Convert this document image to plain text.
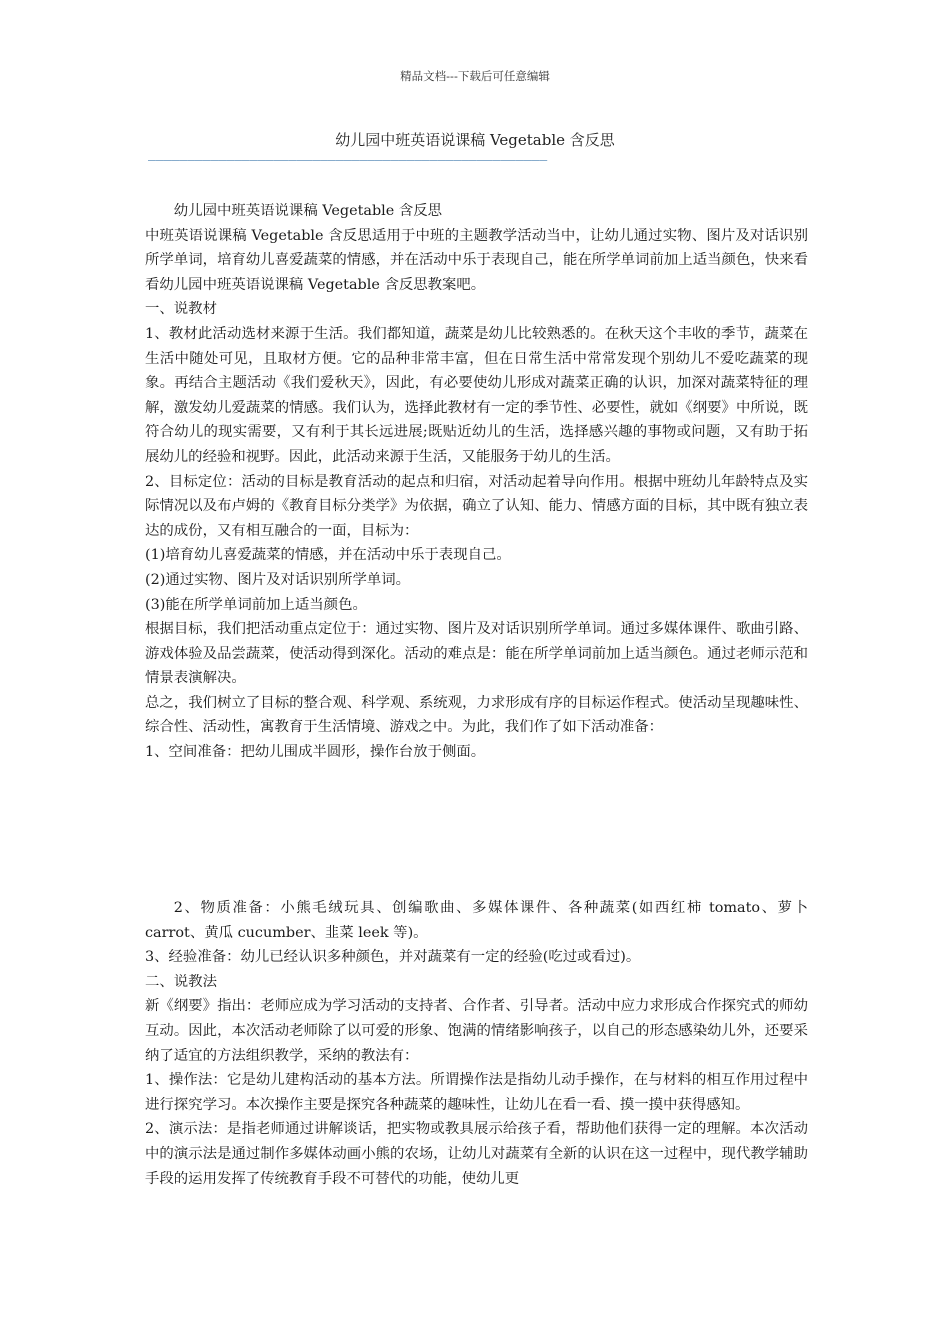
精品文档---下载后可任意编辑
幼儿园中班英语说课稿 Vegetable 含反思
———————————————————————————————————————————————————

幼儿园中班英语说课稿 Vegetable 含反思

中班英语说课稿 Vegetable 含反思适用于中班的主题教学活动当中，让幼儿通过实物、图片及对话识别所学单词，培育幼儿喜爱蔬菜的情感，并在活动中乐于表现自己，能在所学单词前加上适当颜色，快来看看幼儿园中班英语说课稿 Vegetable 含反思教案吧。

一、说教材

1、教材此活动选材来源于生活。我们都知道，蔬菜是幼儿比较熟悉的。在秋天这个丰收的季节，蔬菜在生活中随处可见，且取材方便。它的品种非常丰富，但在日常生活中常常发现个别幼儿不爱吃蔬菜的现象。再结合主题活动《我们爱秋天》，因此，有必要使幼儿形成对蔬菜正确的认识，加深对蔬菜特征的理解，激发幼儿爱蔬菜的情感。我们认为，选择此教材有一定的季节性、必要性，就如《纲要》中所说，既符合幼儿的现实需要，又有利于其长远进展;既贴近幼儿的生活，选择感兴趣的事物或问题，又有助于拓展幼儿的经验和视野。因此，此活动来源于生活，又能服务于幼儿的生活。

2、目标定位：活动的目标是教育活动的起点和归宿，对活动起着导向作用。根据中班幼儿年龄特点及实际情况以及布卢姆的《教育目标分类学》为依据，确立了认知、能力、情感方面的目标，其中既有独立表达的成份，又有相互融合的一面，目标为：

(1)培育幼儿喜爱蔬菜的情感，并在活动中乐于表现自己。

(2)通过实物、图片及对话识别所学单词。

(3)能在所学单词前加上适当颜色。

根据目标，我们把活动重点定位于：通过实物、图片及对话识别所学单词。通过多媒体课件、歌曲引路、游戏体验及品尝蔬菜，使活动得到深化。活动的难点是：能在所学单词前加上适当颜色。通过老师示范和情景表演解决。

总之，我们树立了目标的整合观、科学观、系统观，力求形成有序的目标运作程式。使活动呈现趣味性、综合性、活动性，寓教育于生活情境、游戏之中。为此，我们作了如下活动准备：

1、空间准备：把幼儿围成半圆形，操作台放于侧面。

2、物质准备：小熊毛绒玩具、创编歌曲、多媒体课件、各种蔬菜(如西红柿 tomato、萝卜 carrot、黄瓜 cucumber、韭菜 leek 等)。

3、经验准备：幼儿已经认识多种颜色，并对蔬菜有一定的经验(吃过或看过)。

二、说教法

新《纲要》指出：老师应成为学习活动的支持者、合作者、引导者。活动中应力求形成合作探究式的师幼互动。因此，本次活动老师除了以可爱的形象、饱满的情绪影响孩子，以自己的形态感染幼儿外，还要采纳了适宜的方法组织教学，采纳的教法有：

1、操作法：它是幼儿建构活动的基本方法。所谓操作法是指幼儿动手操作，在与材料的相互作用过程中进行探究学习。本次操作主要是探究各种蔬菜的趣味性，让幼儿在看一看、摸一摸中获得感知。

2、演示法：是指老师通过讲解谈话，把实物或教具展示给孩子看，帮助他们获得一定的理解。本次活动中的演示法是通过制作多媒体动画小熊的农场，让幼儿对蔬菜有全新的认识在这一过程中，现代教学辅助手段的运用发挥了传统教育手段不可替代的功能，使幼儿更
